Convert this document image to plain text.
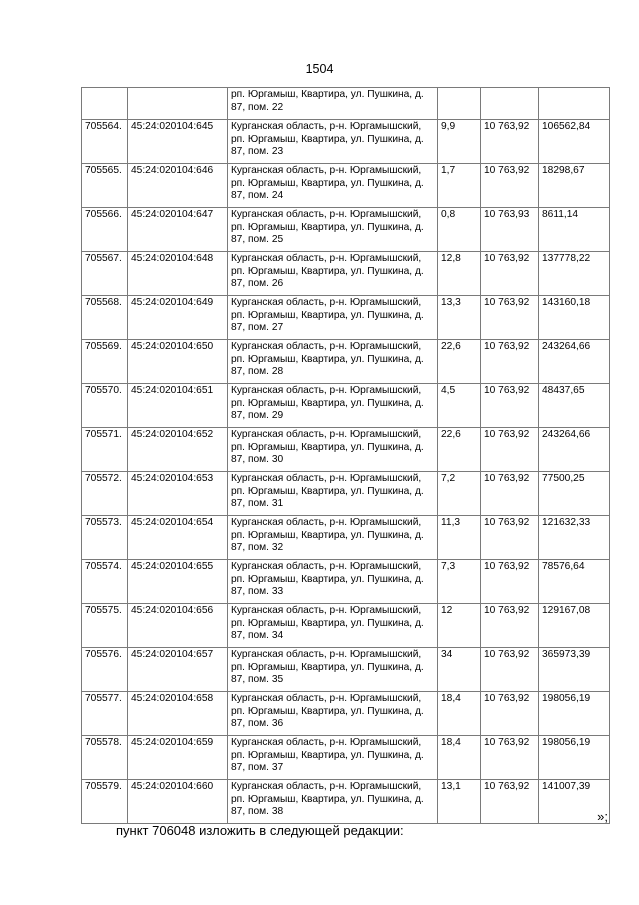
1504
		рп. Юргамыш, Квартира, ул. Пушкина, д. 87, пом. 22			
705564.	45:24:020104:645	Курганская область, р-н. Юргамышский, рп. Юргамыш, Квартира, ул. Пушкина, д. 87, пом. 23	9,9	10 763,92	106562,84
705565.	45:24:020104:646	Курганская область, р-н. Юргамышский, рп. Юргамыш, Квартира, ул. Пушкина, д. 87, пом. 24	1,7	10 763,92	18298,67
705566.	45:24:020104:647	Курганская область, р-н. Юргамышский, рп. Юргамыш, Квартира, ул. Пушкина, д. 87, пом. 25	0,8	10 763,93	8611,14
705567.	45:24:020104:648	Курганская область, р-н. Юргамышский, рп. Юргамыш, Квартира, ул. Пушкина, д. 87, пом. 26	12,8	10 763,92	137778,22
705568.	45:24:020104:649	Курганская область, р-н. Юргамышский, рп. Юргамыш, Квартира, ул. Пушкина, д. 87, пом. 27	13,3	10 763,92	143160,18
705569.	45:24:020104:650	Курганская область, р-н. Юргамышский, рп. Юргамыш, Квартира, ул. Пушкина, д. 87, пом. 28	22,6	10 763,92	243264,66
705570.	45:24:020104:651	Курганская область, р-н. Юргамышский, рп. Юргамыш, Квартира, ул. Пушкина, д. 87, пом. 29	4,5	10 763,92	48437,65
705571.	45:24:020104:652	Курганская область, р-н. Юргамышский, рп. Юргамыш, Квартира, ул. Пушкина, д. 87, пом. 30	22,6	10 763,92	243264,66
705572.	45:24:020104:653	Курганская область, р-н. Юргамышский, рп. Юргамыш, Квартира, ул. Пушкина, д. 87, пом. 31	7,2	10 763,92	77500,25
705573.	45:24:020104:654	Курганская область, р-н. Юргамышский, рп. Юргамыш, Квартира, ул. Пушкина, д. 87, пом. 32	11,3	10 763,92	121632,33
705574.	45:24:020104:655	Курганская область, р-н. Юргамышский, рп. Юргамыш, Квартира, ул. Пушкина, д. 87, пом. 33	7,3	10 763,92	78576,64
705575.	45:24:020104:656	Курганская область, р-н. Юргамышский, рп. Юргамыш, Квартира, ул. Пушкина, д. 87, пом. 34	12	10 763,92	129167,08
705576.	45:24:020104:657	Курганская область, р-н. Юргамышский, рп. Юргамыш, Квартира, ул. Пушкина, д. 87, пом. 35	34	10 763,92	365973,39
705577.	45:24:020104:658	Курганская область, р-н. Юргамышский, рп. Юргамыш, Квартира, ул. Пушкина, д. 87, пом. 36	18,4	10 763,92	198056,19
705578.	45:24:020104:659	Курганская область, р-н. Юргамышский, рп. Юргамыш, Квартира, ул. Пушкина, д. 87, пом. 37	18,4	10 763,92	198056,19
705579.	45:24:020104:660	Курганская область, р-н. Юргамышский, рп. Юргамыш, Квартира, ул. Пушкина, д. 87, пом. 38	13,1	10 763,92	141007,39
»;
пункт 706048 изложить в следующей редакции:
